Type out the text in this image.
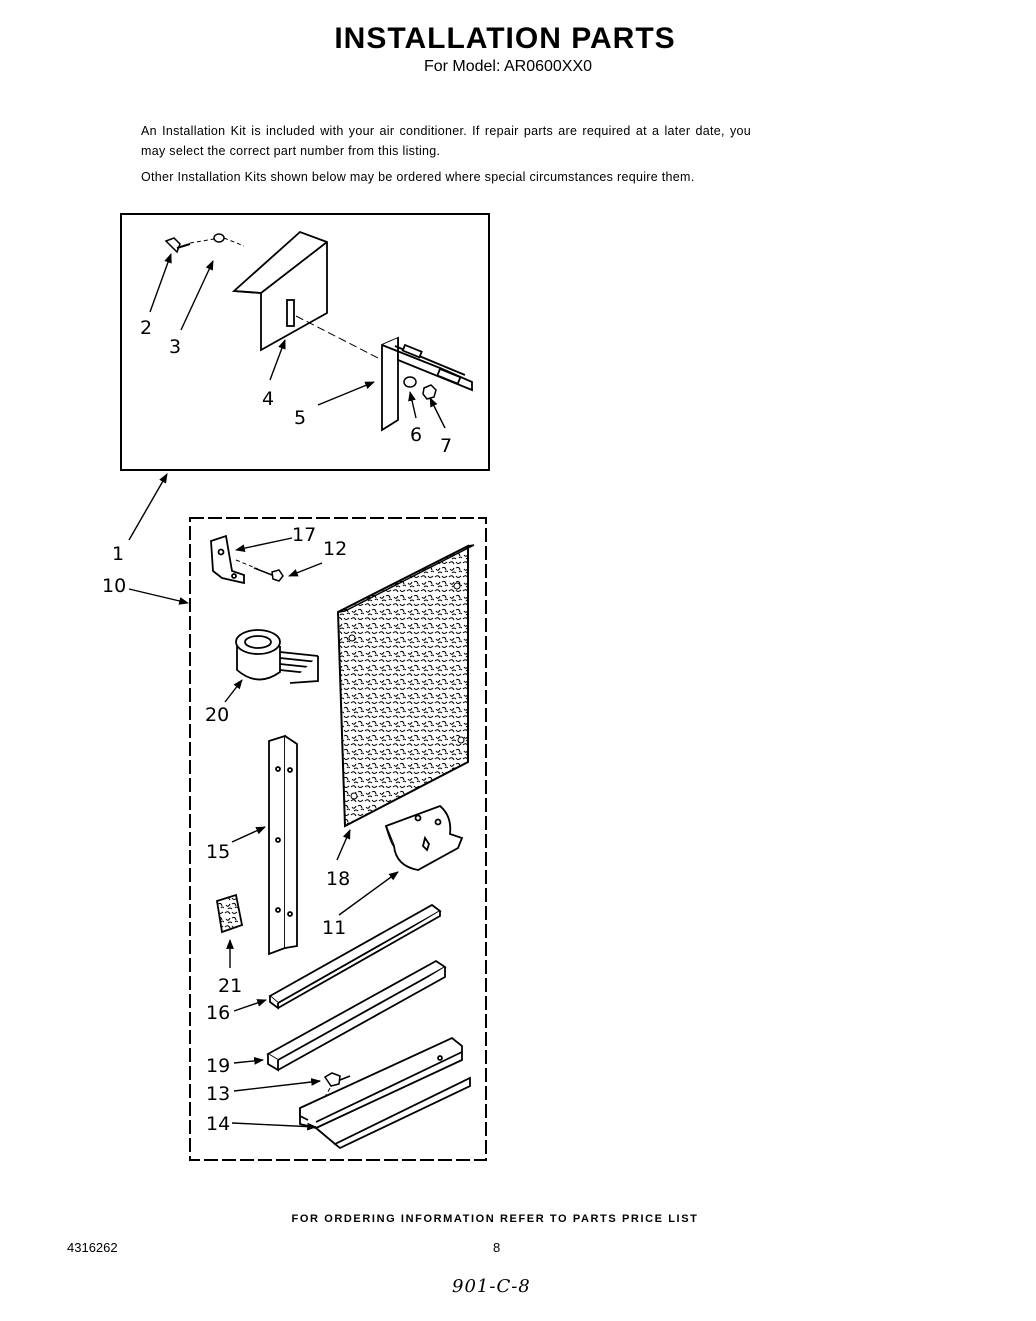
INSTALLATION PARTS
For Model: AR0600XX0
An Installation Kit is included with your air conditioner. If repair parts are required at a later date, you may select the correct part number from this listing.
Other Installation Kits shown below may be ordered where special circumstances require them.
2
3
4
5
6 7
1
10
17
12
20
18
15
11
21
16
19
13
14
FOR ORDERING INFORMATION REFER TO PARTS PRICE LIST
4316262	8
901-C-8
